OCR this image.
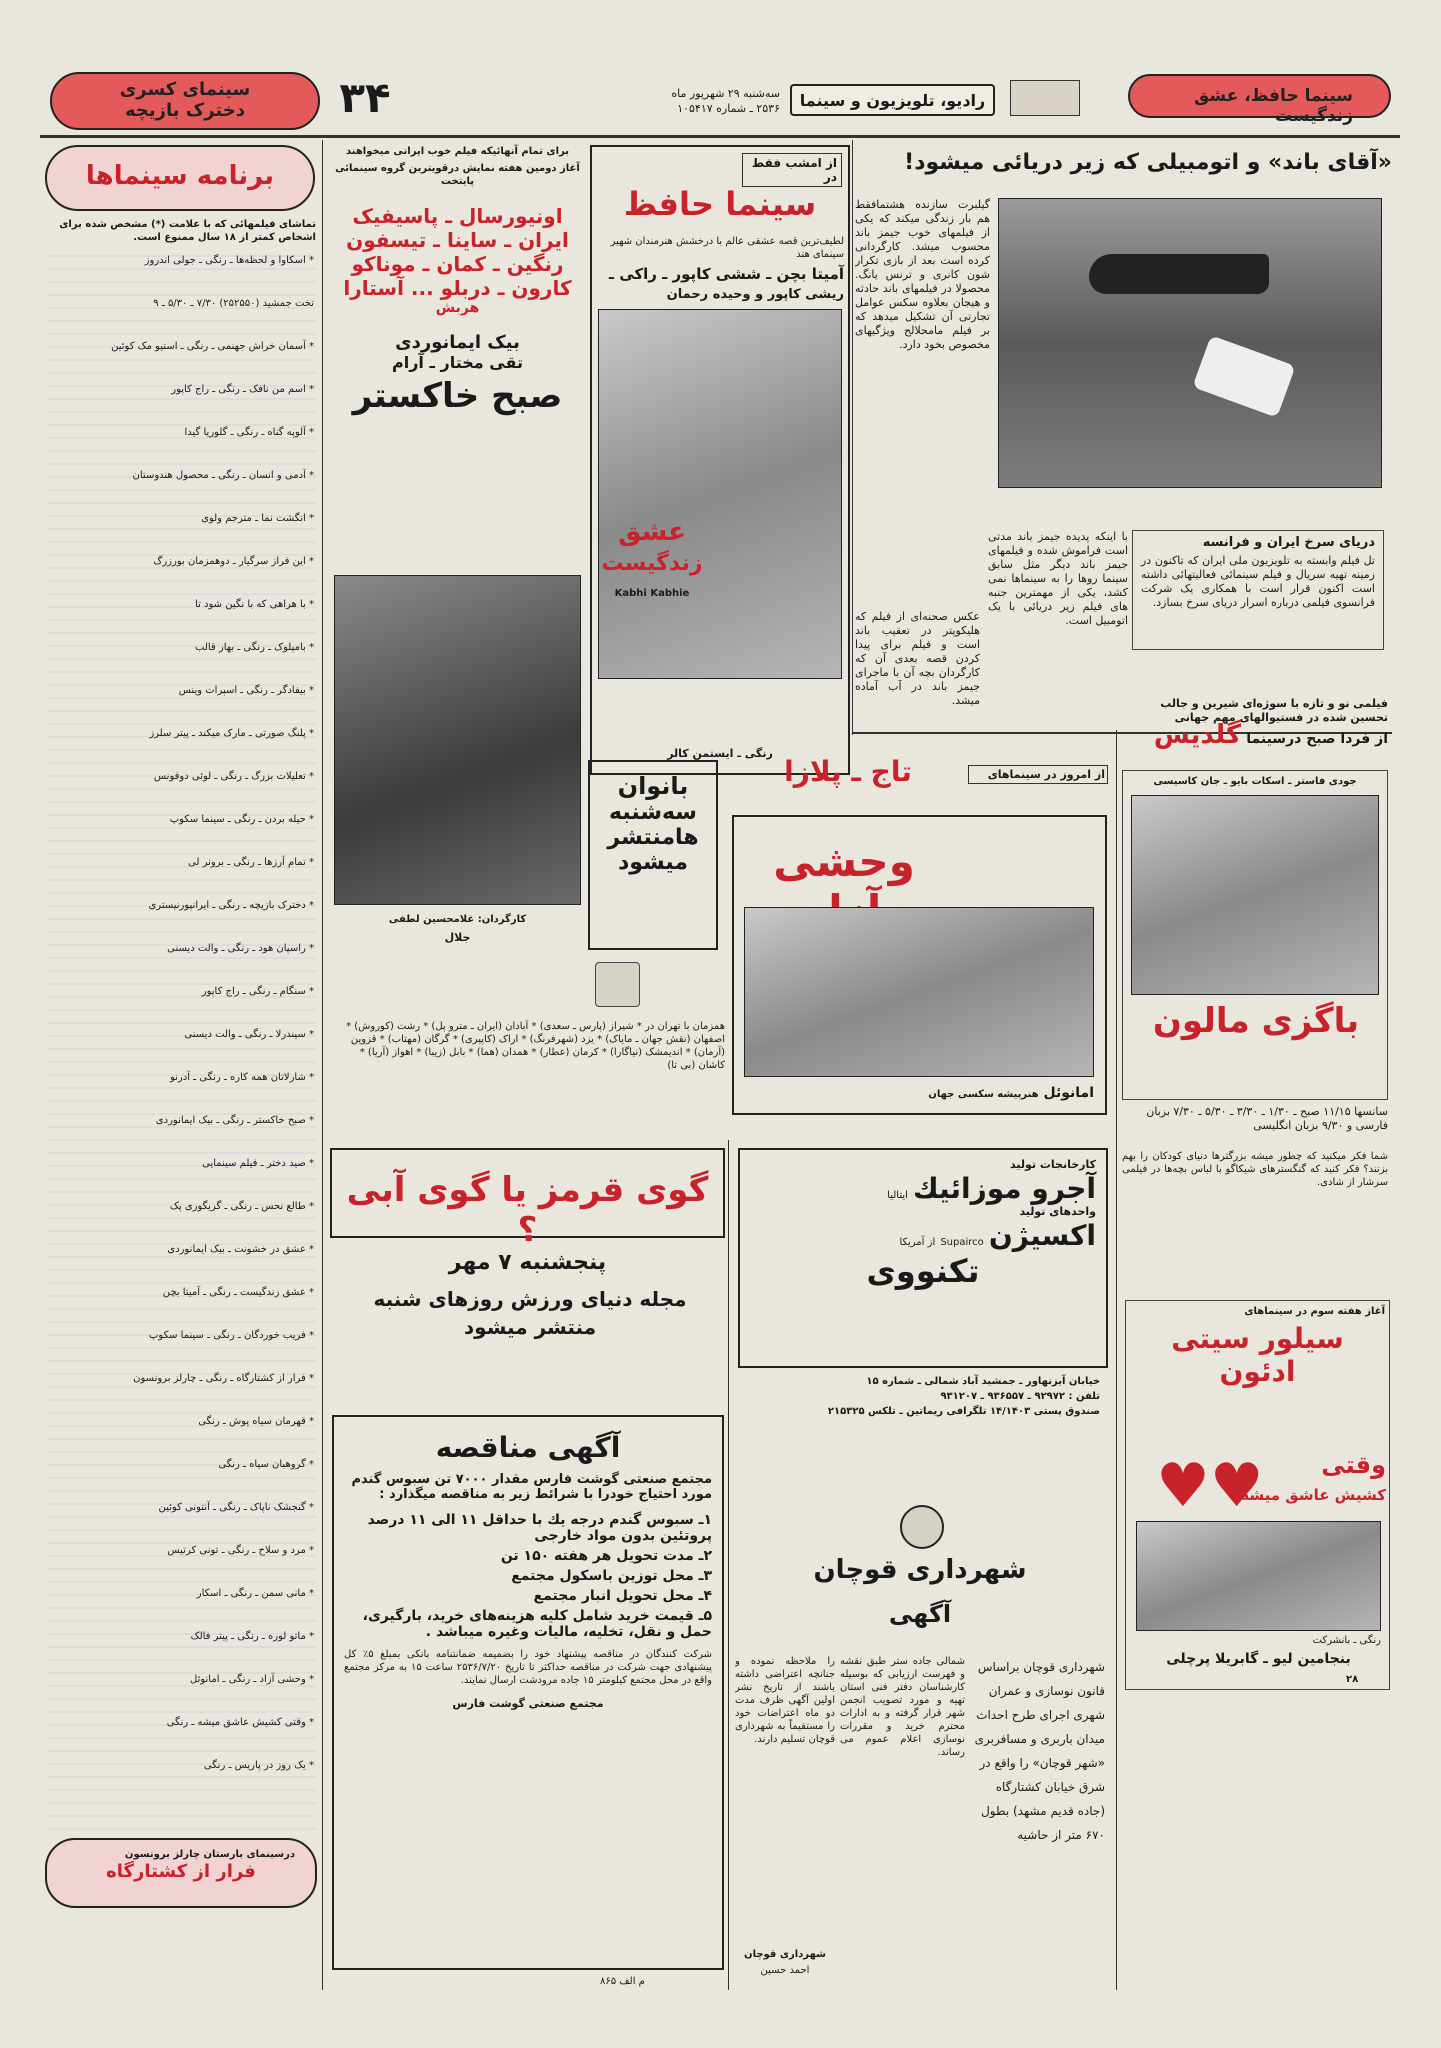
سینما حافظ، عشق زندگیست
رادیو، تلویزیون و سینما
سه‌شنبه ۲۹ شهریور ماه
۲۵۳۶ ـ شماره ۱۰۵۴۱۷
۳۴
سینمای کسری
دخترک بازیچه
«آقای باند» و اتومبیلی که زیر دریائی میشود!
گیلبرت سازنده هشتمافقط هم بار زندگی میکند که یکی از فیلمهای خوب جیمز باند محسوب میشد. کارگردانی کرده است بعد از بازی تکرار شون کانری و ترنس یانگ. محصولا در فیلمهای باند حادثه و هیجان بعلاوه سکس عوامل تجارتی آن تشکیل میدهد که بر فیلم مامحلالح ویژگیهای مخصوص بخود دارد.
با اینکه پدیده جیمز باند مدتی است فراموش شده و فیلمهای جیمز باند دیگر مثل سابق سینما روها را به سینماها نمی کشد، یکی از مهمترین جنبه های فیلم زیر دریائی با یک اتومبیل است.
عکس صحنه‌ای از فیلم که هلیکوپتر در تعقیب باند است و فیلم برای پیدا کردن قصه بعدی آن که کارگردان بچه آن با ماجرای جیمز باند در آب آماده میشد.
دریای سرخ ایران و فرانسه
تل فیلم وابسته به تلویزیون ملی ایران که تاکنون در زمینه تهیه سریال و فیلم سینمائی فعالیتهائی داشته است اکنون قرار است با همکاری یک شرکت فرانسوی فیلمی درباره اسرار دریای سرخ بسازد.
فیلمی نو و تازه با سوژه‌ای شیرین و جالب تحسین شده در فستیوالهای مهم جهانی
از فردا صبح درسینما گلدیس
جودی فاستر ـ اسکات بایو ـ جان کاسیسی
باگزی مالون
سانسها ۱۱/۱۵ صبح ـ ۱/۳۰ ـ ۳/۳۰ ـ ۵/۳۰ ـ ۷/۳۰ بزبان فارسی و ۹/۳۰ بزبان انگلیسی
شما فکر میکنید که چطور میشه بزرگترها دنیای کودکان را بهم بزنند؟ فکر کنید که گنگسترهای شیکاگو با لباس بچه‌ها در فیلمی سرشار از شادی.
آغاز هفته سوم در سینماهای
سیلور سیتی
ادئون
♥♥	وقتی
کشیش عاشق میشه
رنگی ـ بانشرکت
بنجامین لیو ـ گابریلا پرچلی
۲۸
از امشب فقط در
سینما حافظ
لطیف‌ترین قصه عشقی عالم با درخشش هنرمندان شهیر سینمای هند
آمیتا بچن ـ ششی کاپور ـ راکی ـ
ریشی کاپور و وحیده رحمان
عشق
زندگیست
Kabhi Kabhie
رنگی ـ ایستمن کالر
برای تمام آنهائیکه فیلم خوب ایرانی میخواهند
آغاز دومین هفته نمایش درقویترین گروه سینمائی پایتخت
اونیورسال ـ پاسیفیک
ایران ـ ساینا ـ تیسفون
رنگین ـ کمان ـ موناکو
کارون ـ دربلو ... آستارا
هربش
بیک ایمانوردی
تقی مختار ـ آرام
صبح خاکستر
کارگردان: غلامحسین لطفی
جلال
بانوان
سه‌شنبه
هامنتشر
میشود
همزمان با تهران در * شیراز (پارس ـ سعدی) * آبادان (ایران ـ مترو پل) * رشت (کوروش) * اصفهان (نقش جهان ـ مایاک) * یزد (شهرفرنگ) * اراک (کاپیری) * گرگان (مهتاب) * قزوین (آرمان) * اندیمشک (نیاگارا) * کرمان (عطار) * همدان (هما) * بابل (زیبا) * اهواز (آریا) * کاشان (بی تا)
از امروز در سینماهای
تاج ـ پلازا
وحشی
امانوئل هنرپیشه سکسی جهان
گوی قرمز یا گوی آبی ؟
پنجشنبه ۷ مهر
مجله دنیای ورزش روزهای شنبه منتشر میشود
آگهی مناقصه
مجتمع صنعتی گوشت فارس مقدار ۷۰۰۰ تن سبوس گندم مورد احتیاج خودرا با شرائط زیر به مناقصه میگذارد :
۱ـ سبوس گندم درجه یك با حداقل ۱۱ الی ۱۱ درصد پروتئین بدون مواد خارجی
۲ـ مدت تحویل هر هفته ۱۵۰ تن
۳ـ محل توزین باسکول مجتمع
۴ـ محل تحویل انبار مجتمع
۵ـ قیمت خرید شامل کلیه هزینه‌های خرید، بارگیری، حمل و نقل، تخلیه، مالیات وغیره میباشد .
شرکت کنندگان در مناقصه پیشنهاد خود را بضمیمه ضمانتنامه بانکی بمبلغ ۵٪ کل پیشنهادی جهت شرکت در مناقصه حداکثر تا تاریخ ۲۵۳۶/۷/۲۰ ساعت ۱۵ به مرکز مجتمع واقع در محل مجتمع کیلومتر ۱۵ جاده مرودشت ارسال نمایند.
مجتمع صنعتی گوشت فارس
م الف ۸۶۵
کارخانجات تولید
آجرو موزائیك ایتالیا
واحدهای تولید
اکسیژن Supairco از آمریکا
تکنووی
خیابان آیزنهاور ـ جمشید آباد شمالی ـ شماره ۱۵
تلفن : ۹۲۹۷۲ ـ ۹۳۶۵۵۷ ـ ۹۳۱۲۰۷
صندوق پستی ۱۴/۱۴۰۳ تلگرافی ریماتین ـ تلکس ۲۱۵۳۲۵
شهرداری قوچان
آگهی
شهرداری قوچان براساس قانون نوسازی و عمران شهری اجرای طرح احداث میدان باربری و مسافربری «شهر قوچان» را واقع در شرق خیابان کشتارگاه (جاده قدیم مشهد) بطول ۶۷۰ متر از حاشیه
شمالی جاده ستر طبق نقشه و فهرست ارزیابی که بوسیله کارشناسان دفتر فنی استان تهیه و مورد تصویب انجمن شهر قرار گرفته و به ادارات محترم خرید و مقررات نوسازی اعلام عموم می رساند.
را ملاحظه نموده و جنانچه اعتراضی داشته باشند از تاریخ نشر اولین آگهی ظرف مدت دو ماه اعتراضات خود را مستقیماً به شهرداری قوچان تسلیم دارند.
شهرداری قوچان
احمد حسین
برنامه سینماها
تماشای فیلمهائی که با علامت (*) مشخص شده برای اشخاص کمتر از ۱۸ سال ممنوع است.
* اسکاوا و لحظه‌ها ـ رنگی ـ جولی اندروز
تخت جمشید (۲۵۲۵۵۰) ۷/۳۰ ـ ۵/۳۰ ـ ۹
* آسمان خراش جهنمی ـ رنگی ـ استیو مک کوئین
* اسم من نافک ـ رنگی ـ راج کاپور
* آلوپه گناه ـ رنگی ـ گلوریا گیدا
* آدمی و انسان ـ رنگی ـ محصول هندوستان
* انگشت نما ـ مترجم ولوی
* این فراز سرگیار ـ دوهمزمان بورزرگ
* با هراهی که با نگین شود تا
* بامپلوک ـ رنگی ـ بهار قالب
* بیفادگر ـ رنگی ـ اسپرات وینس
* پلنگ صورتی ـ مارک میکند ـ پیتر سلرز
* تعلیلات بزرگ ـ رنگی ـ لوئی دوفونس
* حیله بردن ـ رنگی ـ سینما سکوپ
* تمام آرزها ـ رنگی ـ برونر لی
* دخترک بازیچه ـ رنگی ـ ایرانپورنیستری
* راسپان هود ـ رنگی ـ والت دیسنی
* سنگام ـ رنگی ـ راج کاپور
* سیندرلا ـ رنگی ـ والت دیسنی
* شارلاتان همه کاره ـ رنگی ـ آدرنو
* صبح خاکستر ـ رنگی ـ بیک ایمانوردی
* صید دختر ـ فیلم سینمایی
* طالع نحس ـ رنگی ـ گریگوری پک
* عشق در خشونت ـ بیک ایمانوردی
* عشق زندگیست ـ رنگی ـ آمیتا بچن
* فریب خوردگان ـ رنگی ـ سینما سکوپ
* فرار از کشتارگاه ـ رنگی ـ چارلز برونسون
* قهرمان سیاه پوش ـ رنگی
* گروهبان سیاه ـ رنگی
* گنجشک ناپاک ـ رنگی ـ آنتونی کوئین
* مرد و سلاح ـ رنگی ـ تونی کرتیس
* مانی سمن ـ رنگی ـ اسکار
* ماتو لوره ـ رنگی ـ پیتر فالک
* وحشی آزاد ـ رنگی ـ امانوئل
* وقتی کشیش عاشق میشه ـ رنگی
* یک روز در پاریس ـ رنگی
درسینمای بارستان چارلز برونسون
فرار از کشتارگاه
